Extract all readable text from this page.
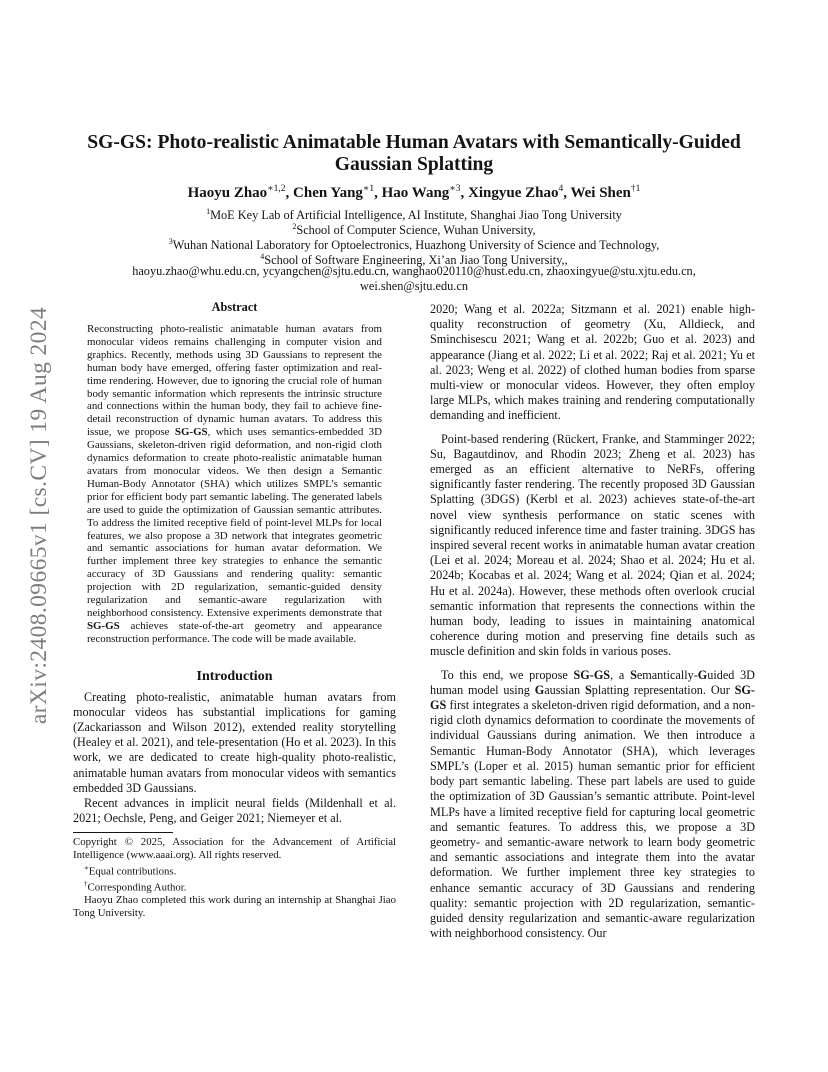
arXiv:2408.09665v1 [cs.CV] 19 Aug 2024
SG-GS: Photo-realistic Animatable Human Avatars with Semantically-Guided
Gaussian Splatting
Haoyu Zhao$^{∗1,2}$, Chen Yang$^{∗1}$, Hao Wang$^{∗3}$, Xingyue Zhao$^4$, Wei Shen$^{\dagger 1}$
$^1$MoE Key Lab of Artificial Intelligence, AI Institute, Shanghai Jiao Tong University
$^2$School of Computer Science, Wuhan University,
$^3$Wuhan National Laboratory for Optoelectronics, Huazhong University of Science and Technology,
$^4$School of Software Engineering, Xi’an Jiao Tong University,,
haoyu.zhao@whu.edu.cn, ycyangchen@sjtu.edu.cn, wanghao020110@hust.edu.cn, zhaoxingyue@stu.xjtu.edu.cn,
wei.shen@sjtu.edu.cn
Abstract

Reconstructing photo-realistic animatable human avatars from monocular videos remains challenging in computer vision and graphics. Recently, methods using 3D Gaussians to represent the human body have emerged, offering faster optimization and real-time rendering. However, due to ignoring the crucial role of human body semantic information which represents the intrinsic structure and connections within the human body, they fail to achieve fine-detail reconstruction of dynamic human avatars. To address this issue, we propose SG-GS, which uses semantics-embedded 3D Gaussians, skeleton-driven rigid deformation, and non-rigid cloth dynamics deformation to create photo-realistic animatable human avatars from monocular videos. We then design a Semantic Human-Body Annotator (SHA) which utilizes SMPL’s semantic prior for efficient body part semantic labeling. The generated labels are used to guide the optimization of Gaussian semantic attributes. To address the limited receptive field of point-level MLPs for local features, we also propose a 3D network that integrates geometric and semantic associations for human avatar deformation. We further implement three key strategies to enhance the semantic accuracy of 3D Gaussians and rendering quality: semantic projection with 2D regularization, semantic-guided density regularization and semantic-aware regularization with neighborhood consistency. Extensive experiments demonstrate that SG-GS achieves state-of-the-art geometry and appearance reconstruction performance. The code will be made available.

Introduction

Creating photo-realistic, animatable human avatars from monocular videos has substantial implications for gaming (Zackariasson and Wilson 2012), extended reality storytelling (Healey et al. 2021), and tele-presentation (Ho et al. 2023). In this work, we are dedicated to create high-quality photo-realistic, animatable human avatars from monocular videos with semantics embedded 3D Gaussians.

Recent advances in implicit neural fields (Mildenhall et al. 2021; Oechsle, Peng, and Geiger 2021; Niemeyer et al.

Copyright © 2025, Association for the Advancement of Artificial Intelligence (www.aaai.org). All rights reserved.

∗Equal contributions.

†Corresponding Author.

Haoyu Zhao completed this work during an internship at Shanghai Jiao Tong University.

2020; Wang et al. 2022a; Sitzmann et al. 2021) enable high-quality reconstruction of geometry (Xu, Alldieck, and Sminchisescu 2021; Wang et al. 2022b; Guo et al. 2023) and appearance (Jiang et al. 2022; Li et al. 2022; Raj et al. 2021; Yu et al. 2023; Weng et al. 2022) of clothed human bodies from sparse multi-view or monocular videos. However, they often employ large MLPs, which makes training and rendering computationally demanding and inefficient.

Point-based rendering (Rückert, Franke, and Stamminger 2022; Su, Bagautdinov, and Rhodin 2023; Zheng et al. 2023) has emerged as an efficient alternative to NeRFs, offering significantly faster rendering. The recently proposed 3D Gaussian Splatting (3DGS) (Kerbl et al. 2023) achieves state-of-the-art novel view synthesis performance on static scenes with significantly reduced inference time and faster training. 3DGS has inspired several recent works in animatable human avatar creation (Lei et al. 2024; Moreau et al. 2024; Shao et al. 2024; Hu et al. 2024b; Kocabas et al. 2024; Wang et al. 2024; Qian et al. 2024; Hu et al. 2024a). However, these methods often overlook crucial semantic information that represents the connections within the human body, leading to issues in maintaining anatomical coherence during motion and preserving fine details such as muscle definition and skin folds in various poses.

To this end, we propose SG-GS, a Semantically-Guided 3D human model using Gaussian Splatting representation. Our SG-GS first integrates a skeleton-driven rigid deformation, and a non-rigid cloth dynamics deformation to coordinate the movements of individual Gaussians during animation. We then introduce a Semantic Human-Body Annotator (SHA), which leverages SMPL’s (Loper et al. 2015) human semantic prior for efficient body part semantic labeling. These part labels are used to guide the optimization of 3D Gaussian’s semantic attribute. Point-level MLPs have a limited receptive field for capturing local geometric and semantic features. To address this, we propose a 3D geometry- and semantic-aware network to learn body geometric and semantic associations and integrate them into the avatar deformation. We further implement three key strategies to enhance semantic accuracy of 3D Gaussians and rendering quality: semantic projection with 2D regularization, semantic-guided density regularization and semantic-aware regularization with neighborhood consistency. Our
